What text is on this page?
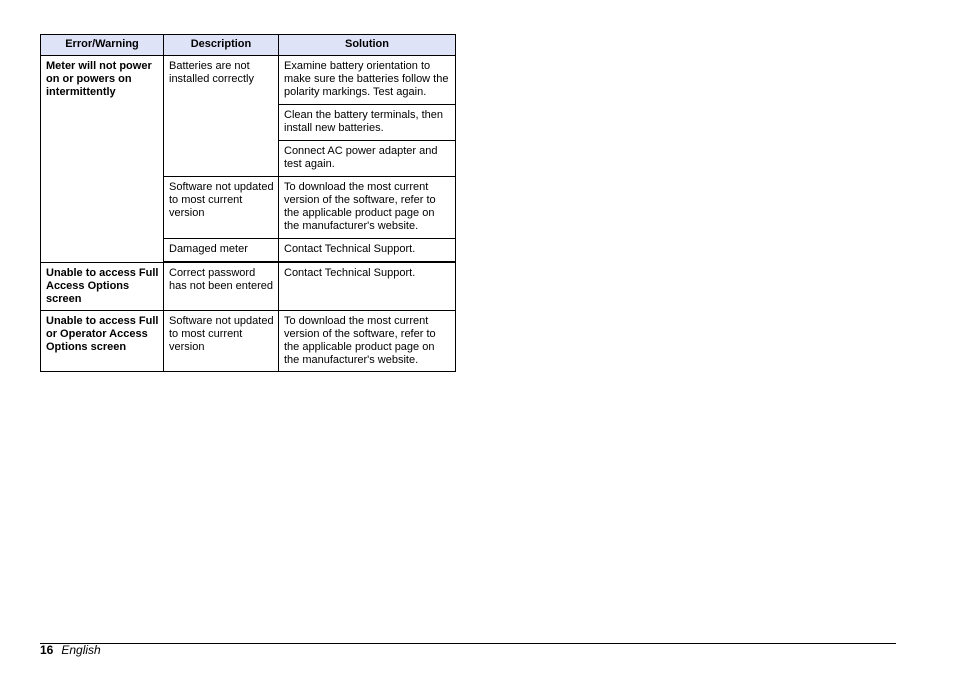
Error/Warning	Description	Solution
Meter will not power on or powers on intermittently	Batteries are not installed correctly	Examine battery orientation to make sure the batteries follow the polarity markings. Test again.
		Clean the battery terminals, then install new batteries.
		Connect AC power adapter and test again.
	Software not updated to most current version	To download the most current version of the software, refer to the applicable product page on the manufacturer's website.
	Damaged meter	Contact Technical Support.

Unable to access Full Access Options screen	Correct password has not been entered	Contact Technical Support.
Unable to access Full or Operator Access Options screen	Software not updated to most current version	To download the most current version of the software, refer to the applicable product page on the manufacturer's website.
16 English
